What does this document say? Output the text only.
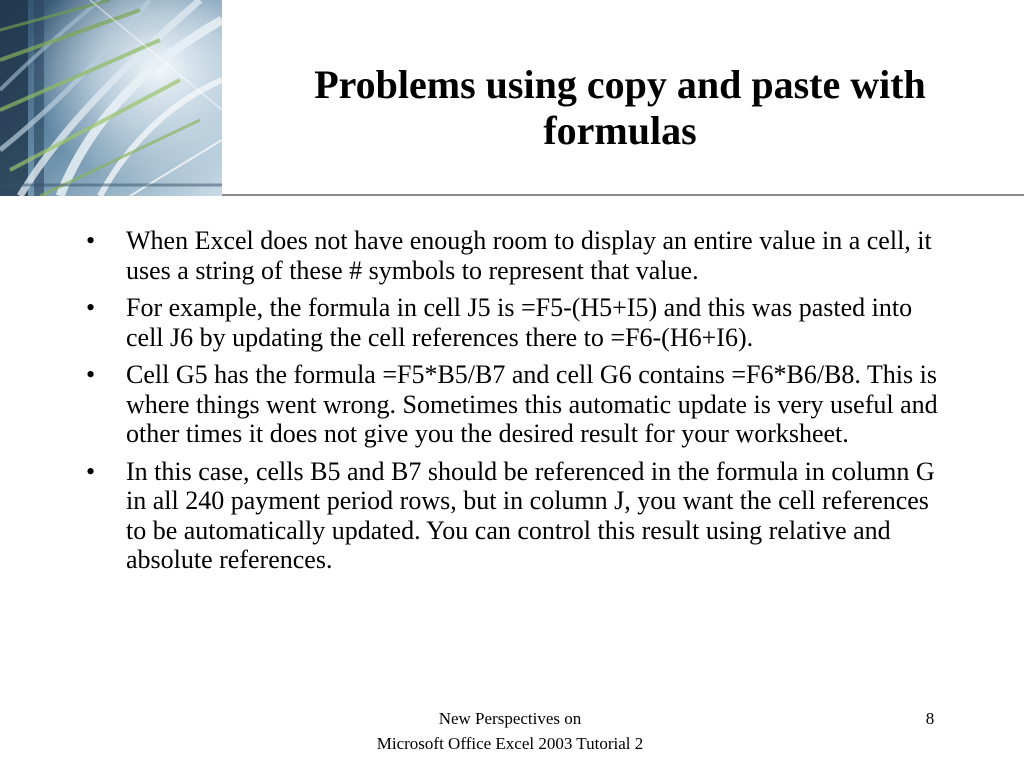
Problems using copy and paste with formulas
•	When Excel does not have enough room to display an entire value in a cell, it uses a string of these # symbols to represent that value.
•	For example, the formula in cell J5 is =F5-(H5+I5) and this was pasted into cell J6 by updating the cell references there to =F6-(H6+I6).
•	Cell G5 has the formula =F5*B5/B7 and cell G6 contains =F6*B6/B8. This is where things went wrong. Sometimes this automatic update is very useful and other times it does not give you the desired result for your worksheet.
•	In this case, cells B5 and B7 should be referenced in the formula in column G in all 240 payment period rows, but in column J, you want the cell references to be automatically updated. You can control this result using relative and absolute references.
New Perspectives on
Microsoft Office Excel 2003 Tutorial 2
8
